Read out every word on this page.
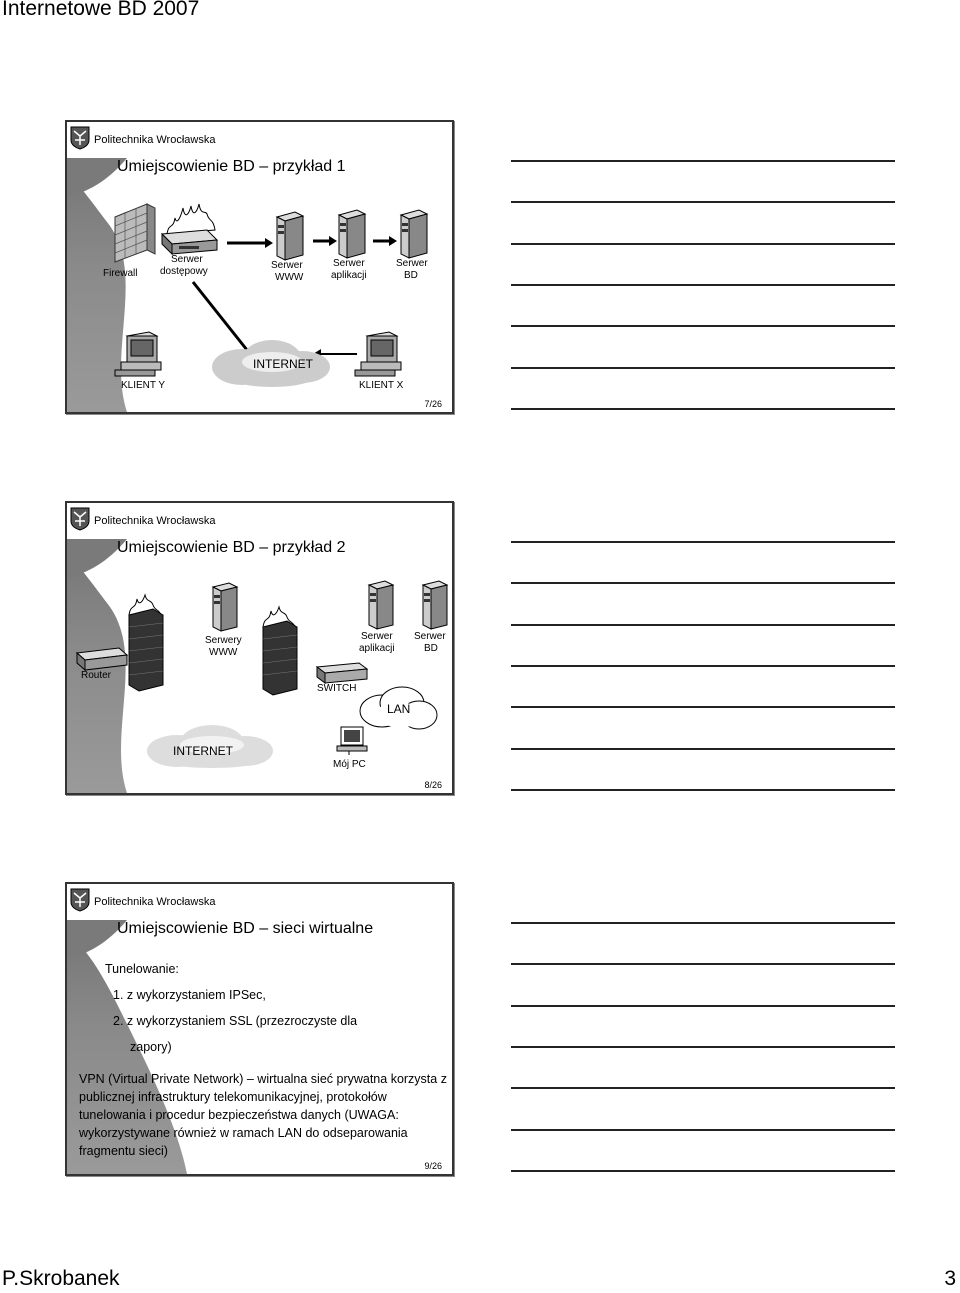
Internetowe BD 2007
Politechnika Wrocławska
Umiejscowienie BD – przykład 1
Firewall
Serwer
dostępowy
Serwer
WWW
Serwer
aplikacji
Serwer
BD
INTERNET
KLIENT Y	KLIENT X
7/26
Politechnika Wrocławska
Umiejscowienie BD – przykład 2
Router
Serwery
WWW
Serwer
aplikacji
Serwer
BD
SWITCH
LAN
INTERNET
Mój PC
8/26
Politechnika Wrocławska
Umiejscowienie BD – sieci wirtualne
Tunelowanie:
1. z wykorzystaniem IPSec,
2. z wykorzystaniem SSL (przezroczyste dla
zapory)
VPN (Virtual Private Network) – wirtualna sieć prywatna korzysta z publicznej infrastruktury telekomunikacyjnej, protokołów tunelowania i procedur bezpieczeństwa danych (UWAGA: wykorzystywane również w ramach LAN do odseparowania fragmentu sieci)
9/26
P.Skrobanek	3
